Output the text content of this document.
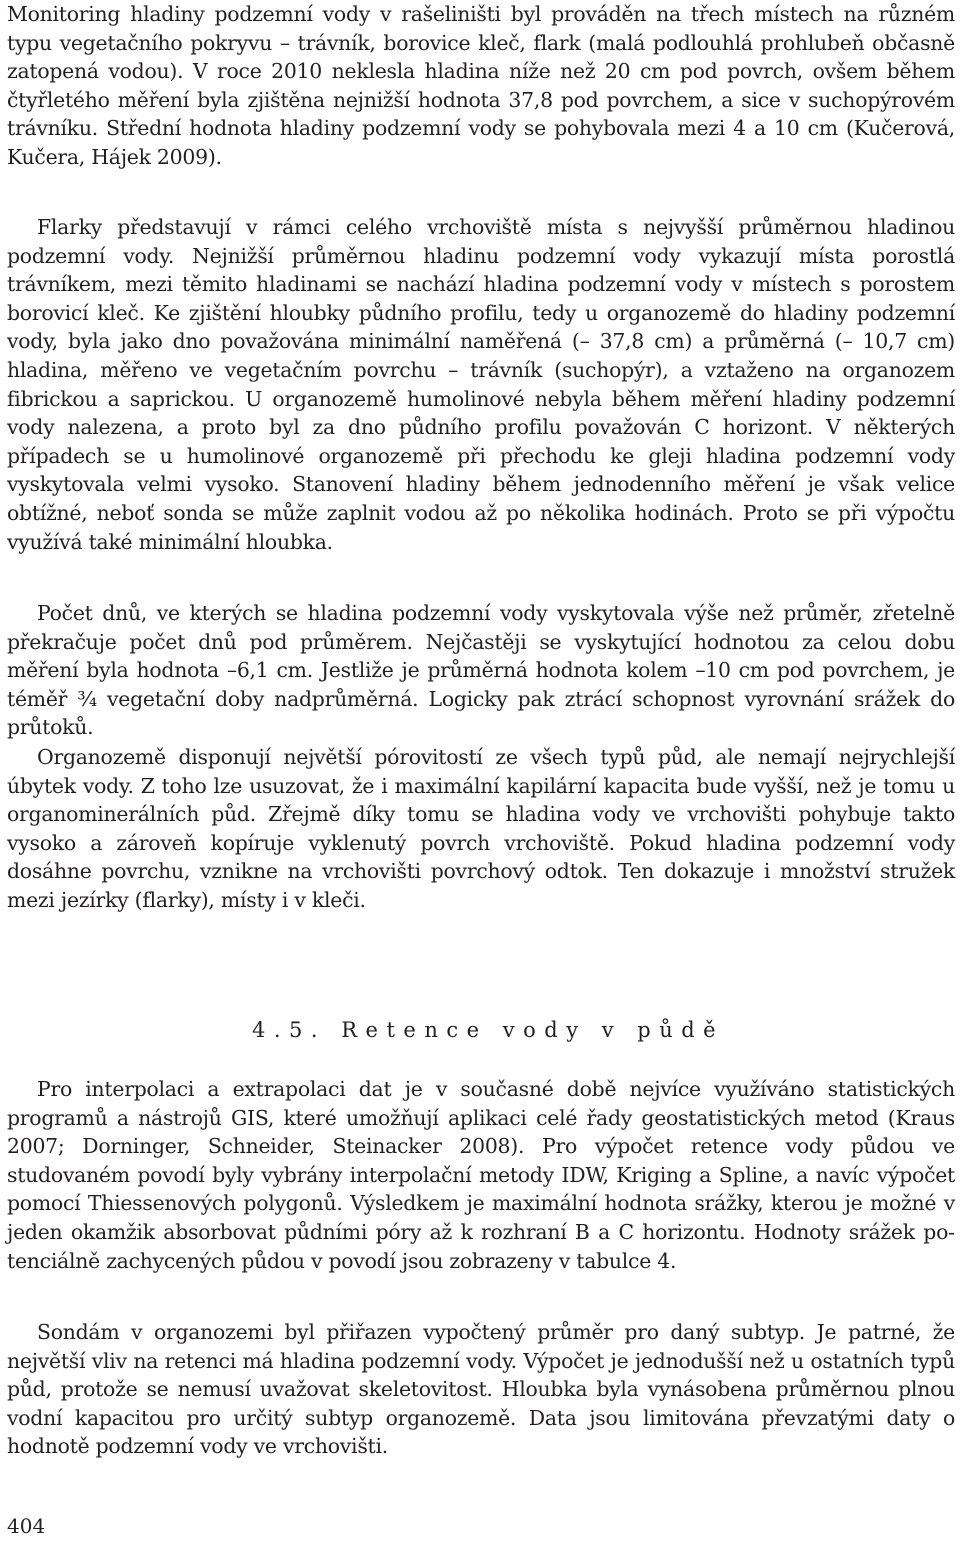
Monitoring hladiny podzemní vody v rašeliništi byl prováděn na třech místech na různém typu vegetačního pokryvu – trávník, borovice kleč, flark (malá podlouhlá prohlubeň občasně zatopená vodou). V roce 2010 neklesla hladina níže než 20 cm pod povrch, ovšem během čtyřletého měření byla zjištěna nejnižší hodnota 37,8 pod povrchem, a sice v suchopýrovém trávníku. Střední hodnota hladiny podzemní vody se pohybovala mezi 4 a 10 cm (Kučerová, Kučera, Hájek 2009).

Flarky představují v rámci celého vrchoviště místa s nejvyšší průměrnou hladinou podzemní vody. Nejnižší průměrnou hladinu podzemní vody vykazují místa porostlá trávníkem, mezi těmito hladinami se nachází hladina podzemní vody v místech s porostem borovicí kleč. Ke zjištění hloubky půdního profilu, tedy u organozemě do hladiny podzemní vody, byla jako dno považována minimální naměřená (– 37,8 cm) a průměrná (– 10,7 cm) hladina, měřeno ve vegetačním povrchu – trávník (suchopýr), a vztaženo na organozem fibrickou a saprickou. U organozemě humolinové nebyla během měření hladiny podzemní vody nalezena, a proto byl za dno půdního profilu považován C horizont. V některých případech se u humolinové organozemě při přechodu ke gleji hladina podzemní vody vyskytovala velmi vysoko. Stanovení hladiny během jednodenního měření je však velice obtížné, neboť sonda se může zaplnit vodou až po několika hodinách. Proto se při výpočtu využívá také minimální hloubka.

Počet dnů, ve kterých se hladina podzemní vody vyskytovala výše než průměr, zřetelně překračuje počet dnů pod průměrem. Nejčastěji se vyskytující hodnotou za celou dobu měření byla hodnota –6,1 cm. Jestliže je průměrná hodnota kolem –10 cm pod povrchem, je téměř ¾ vegetační doby nadprůměrná. Logicky pak ztrácí schopnost vyrovnání srážek do průtoků.

Organozemě disponují největší pórovitostí ze všech typů půd, ale nemají nejrychlejší úbytek vody. Z toho lze usuzovat, že i maximální kapilární kapacita bude vyšší, než je tomu u organominerálních půd. Zřejmě díky tomu se hladina vody ve vrchovišti pohybuje takto vysoko a zároveň kopíruje vyklenutý povrch vrchoviště. Pokud hladina podzemní vody dosáhne povrchu, vznikne na vrchovišti povrchový odtok. Ten dokazuje i množství stružek mezi jezírky (flarky), místy i v kleči.

4.5. Retence vody v půdě

Pro interpolaci a extrapolaci dat je v současné době nejvíce využíváno statistických programů a nástrojů GIS, které umožňují aplikaci celé řady geostatistických metod (Kraus 2007; Dorninger, Schneider, Steinacker 2008). Pro výpočet retence vody půdou ve studovaném povodí byly vybrány interpolační metody IDW, Kriging a Spline, a navíc výpočet pomocí Thiessenových polygonů. Výsledkem je maximální hodnota srážky, kterou je možné v jeden okamžik absorbovat půdními póry až k rozhraní B a C horizontu. Hodnoty srážek potenciálně zachycených půdou v povodí jsou zobrazeny v tabulce 4.

Sondám v organozemi byl přiřazen vypočtený průměr pro daný subtyp. Je patrné, že největší vliv na retenci má hladina podzemní vody. Výpočet je jednodušší než u ostatních typů půd, protože se nemusí uvažovat skeletovitost. Hloubka byla vynásobena průměrnou plnou vodní kapacitou pro určitý subtyp organozemě. Data jsou limitována převzatými daty o hodnotě podzemní vody ve vrchovišti.

404
